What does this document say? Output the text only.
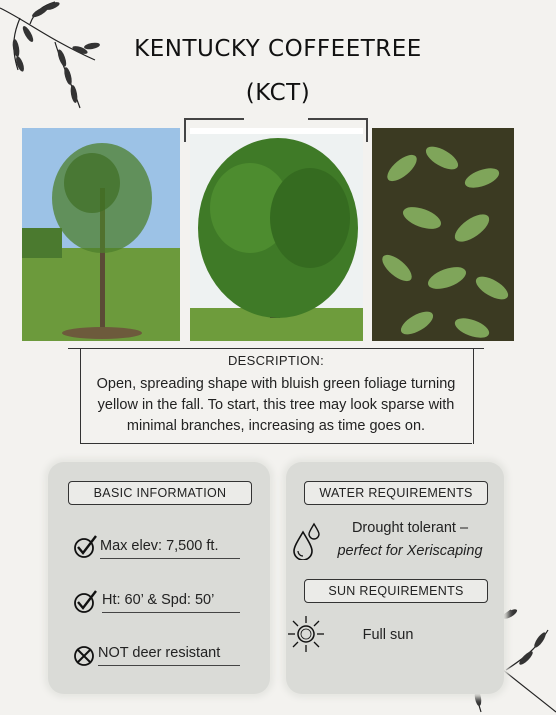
KENTUCKY COFFEETREE
(KCT)
DESCRIPTION:
Open, spreading shape with bluish green foliage turning yellow in the fall. To start, this tree may look sparse with minimal branches, increasing as time goes on.
BASIC INFORMATION
Max elev: 7,500 ft.
Ht: 60’ & Spd: 50’
NOT deer resistant
WATER REQUIREMENTS
Drought tolerant –
perfect for Xeriscaping
SUN REQUIREMENTS
Full sun
